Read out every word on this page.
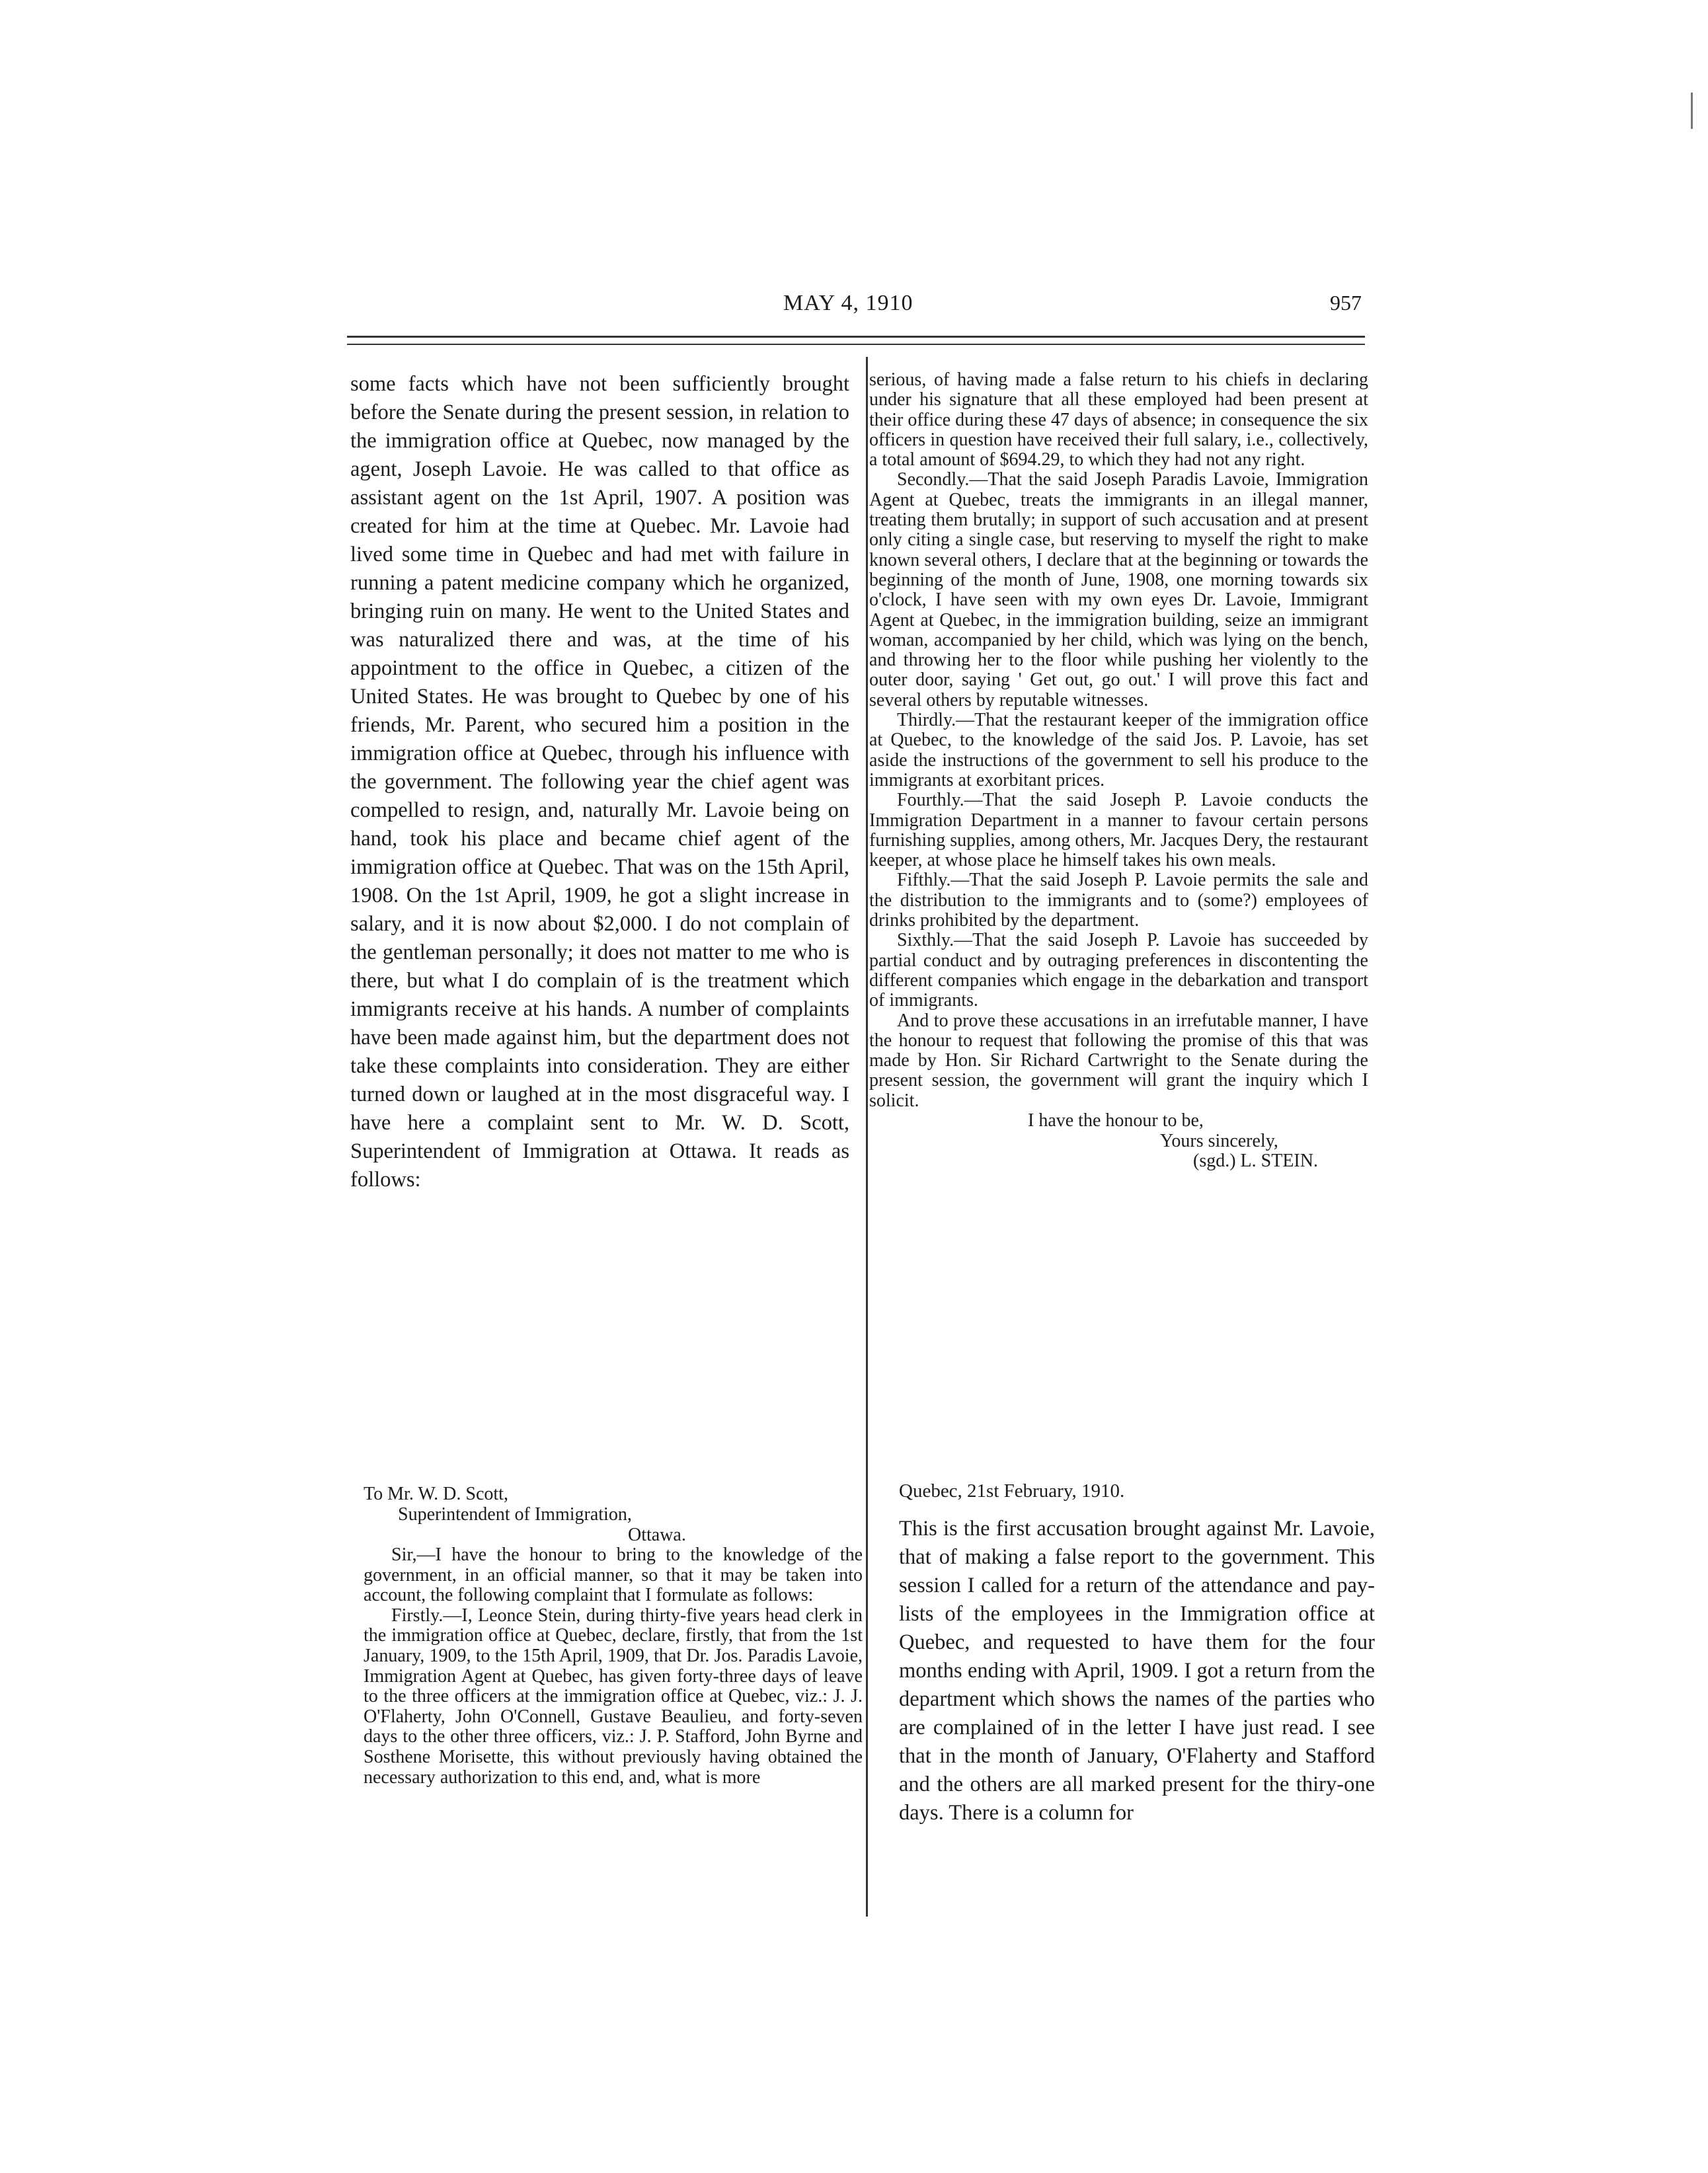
MAY 4, 1910	957

some facts which have not been sufficiently brought before the Senate during the present session, in relation to the immigration office at Quebec, now managed by the agent, Joseph Lavoie. He was called to that office as assistant agent on the 1st April, 1907. A position was created for him at the time at Quebec. Mr. Lavoie had lived some time in Quebec and had met with failure in running a patent medicine company which he organized, bringing ruin on many. He went to the United States and was naturalized there and was, at the time of his appointment to the office in Quebec, a citizen of the United States. He was brought to Quebec by one of his friends, Mr. Parent, who secured him a position in the immigration office at Quebec, through his influence with the government. The following year the chief agent was compelled to resign, and, naturally Mr. Lavoie being on hand, took his place and became chief agent of the immigration office at Quebec. That was on the 15th April, 1908. On the 1st April, 1909, he got a slight increase in salary, and it is now about $2,000. I do not complain of the gentleman personally; it does not matter to me who is there, but what I do complain of is the treatment which immigrants receive at his hands. A number of complaints have been made against him, but the department does not take these complaints into consideration. They are either turned down or laughed at in the most disgraceful way. I have here a complaint sent to Mr. W. D. Scott, Superintendent of Immigration at Ottawa. It reads as follows:

To Mr. W. D. Scott,

Superintendent of Immigration,

Ottawa.

Sir,—I have the honour to bring to the knowledge of the government, in an official manner, so that it may be taken into account, the following complaint that I formulate as follows:

Firstly.—I, Leonce Stein, during thirty-five years head clerk in the immigration office at Quebec, declare, firstly, that from the 1st January, 1909, to the 15th April, 1909, that Dr. Jos. Paradis Lavoie, Immigration Agent at Quebec, has given forty-three days of leave to the three officers at the immigration office at Quebec, viz.: J. J. O'Flaherty, John O'Connell, Gustave Beaulieu, and forty-seven days to the other three officers, viz.: J. P. Stafford, John Byrne and Sosthene Morisette, this without previously having obtained the necessary authorization to this end, and, what is more

serious, of having made a false return to his chiefs in declaring under his signature that all these employed had been present at their office during these 47 days of absence; in consequence the six officers in question have received their full salary, i.e., collectively, a total amount of $694.29, to which they had not any right.

Secondly.—That the said Joseph Paradis Lavoie, Immigration Agent at Quebec, treats the immigrants in an illegal manner, treating them brutally; in support of such accusation and at present only citing a single case, but reserving to myself the right to make known several others, I declare that at the beginning or towards the beginning of the month of June, 1908, one morning towards six o'clock, I have seen with my own eyes Dr. Lavoie, Immigrant Agent at Quebec, in the immigration building, seize an immigrant woman, accompanied by her child, which was lying on the bench, and throwing her to the floor while pushing her violently to the outer door, saying ' Get out, go out.' I will prove this fact and several others by reputable witnesses.

Thirdly.—That the restaurant keeper of the immigration office at Quebec, to the knowledge of the said Jos. P. Lavoie, has set aside the instructions of the government to sell his produce to the immigrants at exorbitant prices.

Fourthly.—That the said Joseph P. Lavoie conducts the Immigration Department in a manner to favour certain persons furnishing supplies, among others, Mr. Jacques Dery, the restaurant keeper, at whose place he himself takes his own meals.

Fifthly.—That the said Joseph P. Lavoie permits the sale and the distribution to the immigrants and to (some?) employees of drinks prohibited by the department.

Sixthly.—That the said Joseph P. Lavoie has succeeded by partial conduct and by outraging preferences in discontenting the different companies which engage in the debarkation and transport of immigrants.

And to prove these accusations in an irrefutable manner, I have the honour to request that following the promise of this that was made by Hon. Sir Richard Cartwright to the Senate during the present session, the government will grant the inquiry which I solicit.

I have the honour to be,

Yours sincerely,

(sgd.) L. STEIN.

Quebec, 21st February, 1910.

This is the first accusation brought against Mr. Lavoie, that of making a false report to the government. This session I called for a return of the attendance and pay-lists of the employees in the Immigration office at Quebec, and requested to have them for the four months ending with April, 1909. I got a return from the department which shows the names of the parties who are complained of in the letter I have just read. I see that in the month of January, O'Flaherty and Stafford and the others are all marked present for the thiry-one days. There is a column for
